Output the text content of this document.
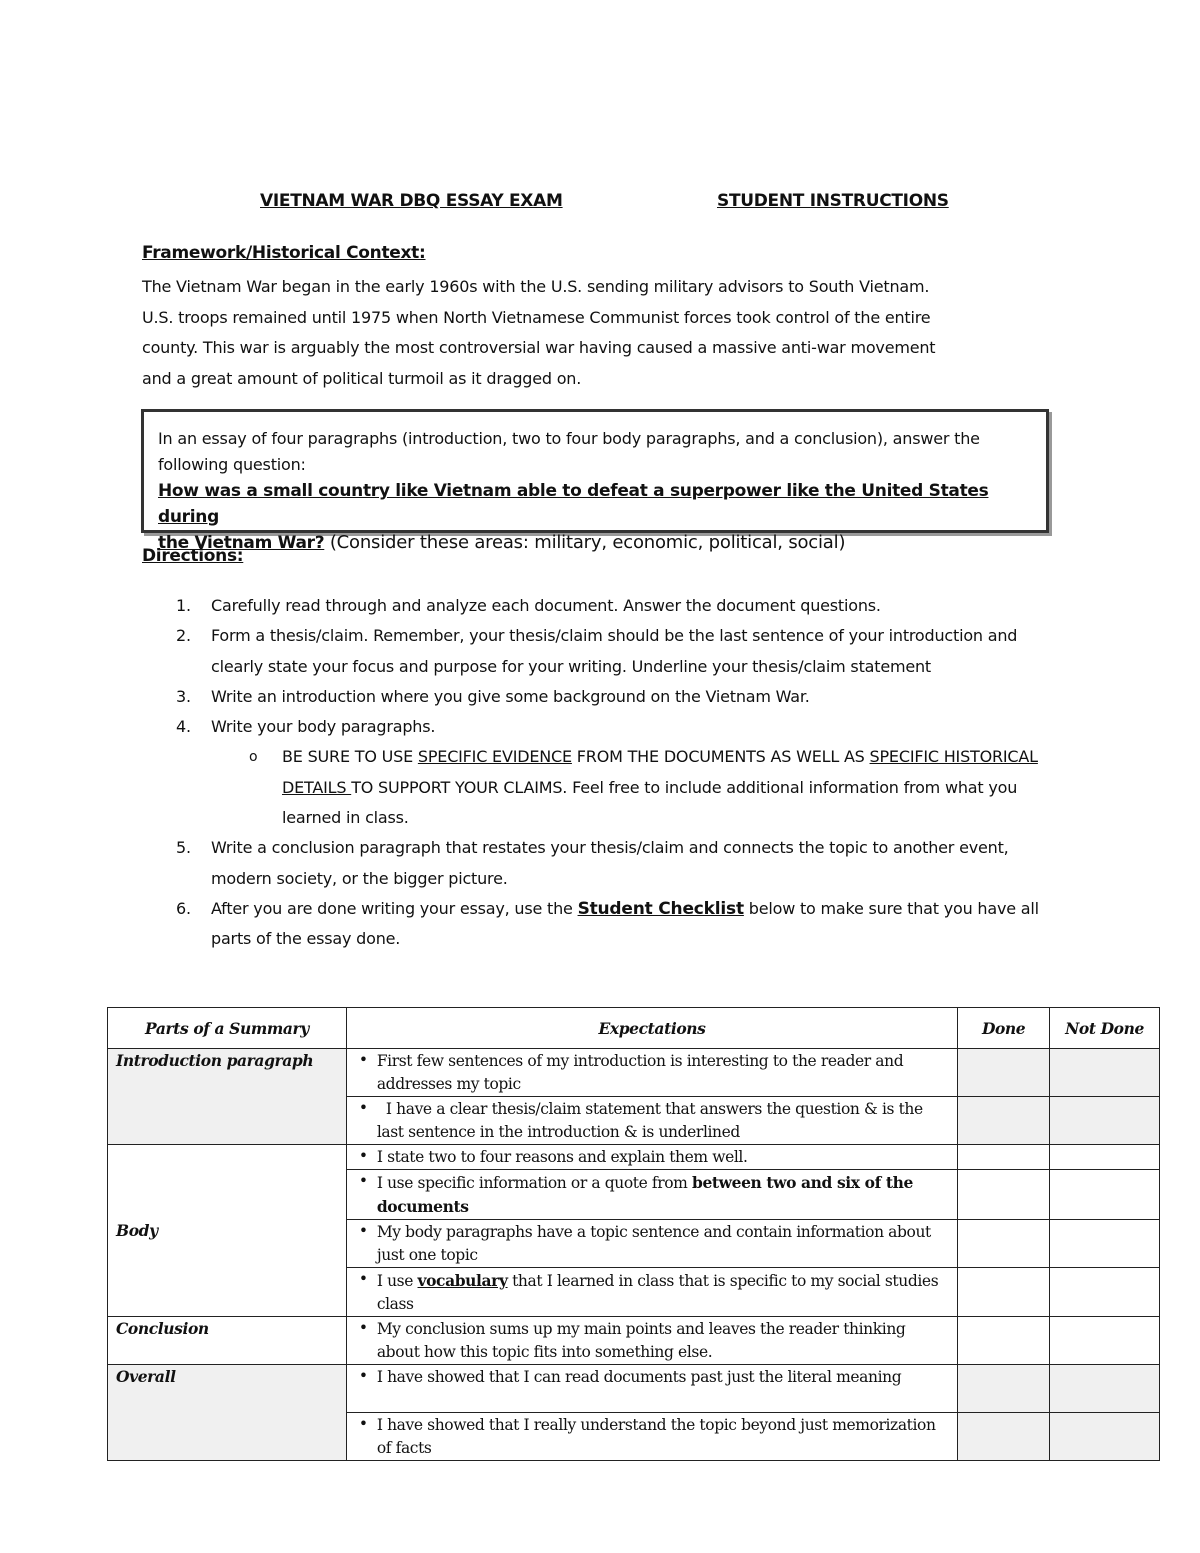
VIETNAM WAR DBQ ESSAY EXAM	STUDENT INSTRUCTIONS
Framework/Historical Context:

The Vietnam War began in the early 1960s with the U.S. sending military advisors to South Vietnam.

U.S. troops remained until 1975 when North Vietnamese Communist forces took control of the entire

county. This war is arguably the most controversial war having caused a massive anti-war movement

and a great amount of political turmoil as it dragged on.

In an essay of four paragraphs (introduction, two to four body paragraphs, and a conclusion), answer the following question:
How was a small country like Vietnam able to defeat a superpower like the United States during
the Vietnam War? (Consider these areas: military, economic, political, social)
Directions:
1. Carefully read through and analyze each document. Answer the document questions.
2. Form a thesis/claim. Remember, your thesis/claim should be the last sentence of your introduction and clearly state your focus and purpose for your writing. Underline your thesis/claim statement
3. Write an introduction where you give some background on the Vietnam War.
4. Write your body paragraphs.
o BE SURE TO USE SPECIFIC EVIDENCE FROM THE DOCUMENTS AS WELL AS SPECIFIC HISTORICAL DETAILS TO SUPPORT YOUR CLAIMS. Feel free to include additional information from what you learned in class.
5. Write a conclusion paragraph that restates your thesis/claim and connects the topic to another event, modern society, or the bigger picture.
6. After you are done writing your essay, use the Student Checklist below to make sure that you have all parts of the essay done.
Parts of a Summary	Expectations	Done	Not Done
Introduction paragraph	• First few sentences of my introduction is interesting to the reader and addresses my topic		

	• I have a clear thesis/claim statement that answers the question & is the last sentence in the introduction & is underlined		
Body	• I state two to four reasons and explain them well.		

	• I use specific information or a quote from between two and six of the documents		

	• My body paragraphs have a topic sentence and contain information about just one topic		

	• I use vocabulary that I learned in class that is specific to my social studies class		
Conclusion	• My conclusion sums up my main points and leaves the reader thinking about how this topic fits into something else.		
Overall	• I have showed that I can read documents past just the literal meaning		

	• I have showed that I really understand the topic beyond just memorization of facts		
